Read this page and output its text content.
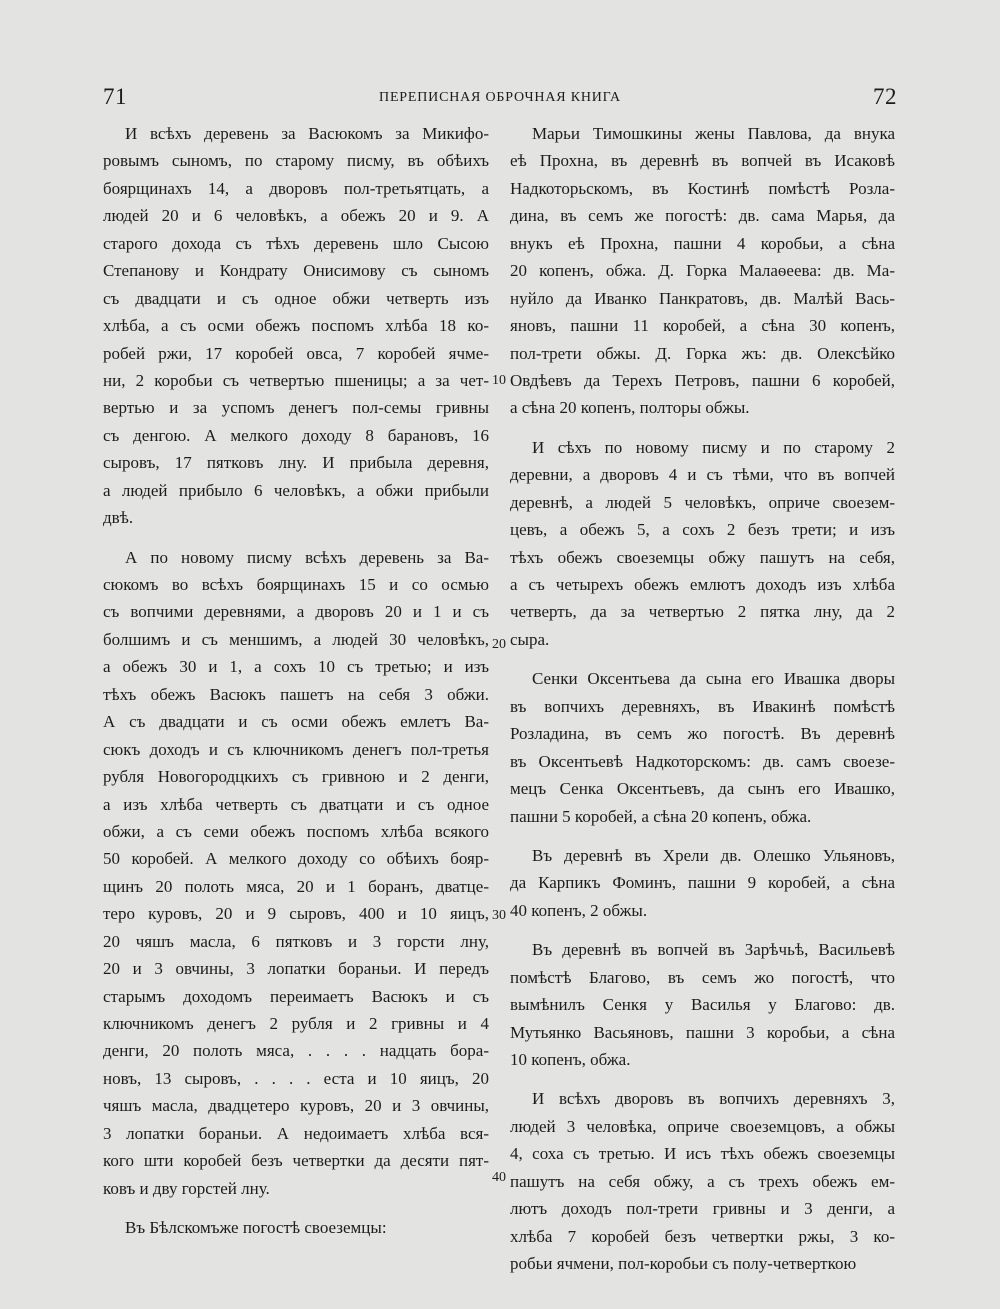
71	ПЕРЕПИСНАЯ ОБРОЧНАЯ КНИГА	72
10
20
30
40
И всѣхъ деревень за Васюкомъ за Микифо-
ровымъ сыномъ, по старому писму, въ обѣихъ
боярщинахъ 14, а дворовъ пол-третьятцать, а
людей 20 и 6 человѣкъ, а обежъ 20 и 9. А
старого дохода съ тѣхъ деревень шло Сысою
Степанову и Кондрату Онисимову съ сыномъ
съ двадцати и съ одное обжи четверть изъ
хлѣба, а съ осми обежъ поспомъ хлѣба 18 ко-
робей ржи, 17 коробей овса, 7 коробей ячме-
ни, 2 коробьи съ четвертью пшеницы; а за чет-
вертью и за успомъ денегъ пол-семы гривны
съ денгою. А мелкого доходу 8 барановъ, 16
сыровъ, 17 пятковъ лну. И прибыла деревня,
а людей прибыло 6 человѣкъ, а обжи прибыли
двѣ.
А по новому писму всѣхъ деревень за Ва-
сюкомъ во всѣхъ боярщинахъ 15 и со осмью
съ вопчими деревнями, а дворовъ 20 и 1 и съ
болшимъ и съ меншимъ, а людей 30 человѣкъ,
а обежъ 30 и 1, а сохъ 10 съ третью; и изъ
тѣхъ обежъ Васюкъ пашетъ на себя 3 обжи.
А съ двадцати и съ осми обежъ емлетъ Ва-
сюкъ доходъ и съ ключникомъ денегъ пол-третья
рубля Новогородцкихъ съ гривною и 2 денги,
а изъ хлѣба четверть съ дватцати и съ одное
обжи, а съ семи обежъ поспомъ хлѣба всякого
50 коробей. А мелкого доходу со обѣихъ бояр-
щинъ 20 полоть мяса, 20 и 1 боранъ, дватце-
теро куровъ, 20 и 9 сыровъ, 400 и 10 яицъ,
20 чяшъ масла, 6 пятковъ и 3 горсти лну,
20 и 3 овчины, 3 лопатки бораньи. И передъ
старымъ доходомъ переимаетъ Васюкъ и съ
ключникомъ денегъ 2 рубля и 2 гривны и 4
денги, 20 полоть мяса, . . . . надцать бора-
новъ, 13 сыровъ, . . . . еста и 10 яицъ, 20
чяшъ масла, двадцетеро куровъ, 20 и 3 овчины,
3 лопатки бораньи. А недоимаетъ хлѣба вся-
кого шти коробей безъ четвертки да десяти пят-
ковъ и дву горстей лну.
Въ Бѣлскомъже погостѣ своеземцы:
Марьи Тимошкины жены Павлова, да внука
еѣ Прохна, въ деревнѣ въ вопчей въ Исаковѣ
Надкоторьскомъ, въ Костинѣ помѣстѣ Розла-
дина, въ семъ же погостѣ: дв. сама Марья, да
внукъ еѣ Прохна, пашни 4 коробьи, а сѣна
20 копенъ, обжа. Д. Горка Малаѳеева: дв. Ма-
нуйло да Иванко Панкратовъ, дв. Малѣй Вась-
яновъ, пашни 11 коробей, а сѣна 30 копенъ,
пол-трети обжы. Д. Горка жъ: дв. Олексѣйко
Овдѣевъ да Терехъ Петровъ, пашни 6 коробей,
а сѣна 20 копенъ, полторы обжы.
И сѣхъ по новому писму и по старому 2
деревни, а дворовъ 4 и съ тѣми, что въ вопчей
деревнѣ, а людей 5 человѣкъ, опричe своезем-
цевъ, а обежъ 5, а сохъ 2 безъ трети; и изъ
тѣхъ обежъ своеземцы обжу пашутъ на себя,
а съ четырехъ обежъ емлютъ доходъ изъ хлѣба
четверть, да за четвертью 2 пятка лну, да 2
сыра.
Сенки Оксентьева да сына его Ивашка дворы
въ вопчихъ деревняхъ, въ Ивакинѣ помѣстѣ
Розладина, въ семъ жо погостѣ. Въ деревнѣ
въ Оксентьевѣ Надкоторскомъ: дв. самъ своезе-
мецъ Сенка Оксентьевъ, да сынъ его Ивашко,
пашни 5 коробей, а сѣна 20 копенъ, обжа.
Въ деревнѣ въ Хрели дв. Олешко Ульяновъ,
да Карпикъ Фоминъ, пашни 9 коробей, а сѣна
40 копенъ, 2 обжы.
Въ деревнѣ въ вопчей въ Зарѣчьѣ, Васильевѣ
помѣстѣ Благово, въ семъ жо погостѣ, что
вымѣнилъ Сенкя у Василья у Благово: дв.
Мутьянко Васьяновъ, пашни 3 коробьи, а сѣна
10 копенъ, обжа.
И всѣхъ дворовъ въ вопчихъ деревняхъ 3,
людей 3 человѣка, опричe своеземцовъ, а обжы
4, соха съ третью. И исъ тѣхъ обежъ своеземцы
пашутъ на себя обжу, а съ трехъ обежъ ем-
лютъ доходъ пол-трети гривны и 3 денги, а
хлѣба 7 коробей безъ четвертки ржы, 3 ко-
робьи ячмени, пол-коробьи съ полу-четверткою
